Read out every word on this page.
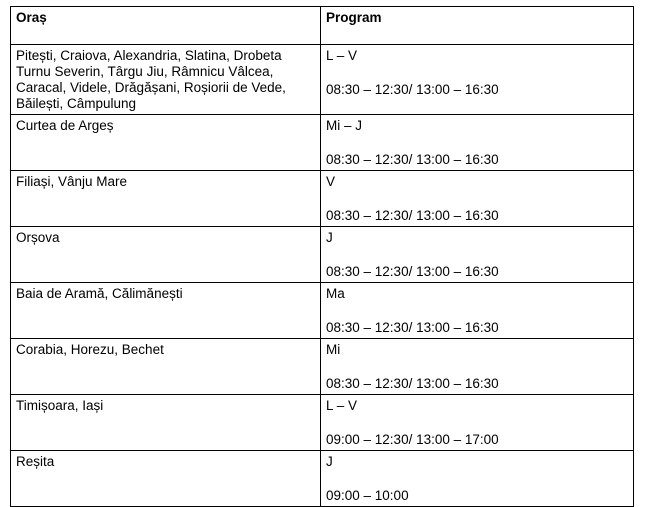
Oraș	Program

Pitești, Craiova, Alexandria, Slatina, Drobeta Turnu Severin, Târgu Jiu, Râmnicu Vâlcea, Caracal, Videle, Drăgășani, Roșiorii de Vede, Băilești, Câmpulung	L – V
08:30 – 12:30/ 13:00 – 16:30

Curtea de Argeș	Mi – J
08:30 – 12:30/ 13:00 – 16:30

Filiași, Vânju Mare	V
08:30 – 12:30/ 13:00 – 16:30

Orșova	J
08:30 – 12:30/ 13:00 – 16:30

Baia de Aramă, Călimănești	Ma
08:30 – 12:30/ 13:00 – 16:30

Corabia, Horezu, Bechet	Mi
08:30 – 12:30/ 13:00 – 16:30

Timișoara, Iași	L – V
09:00 – 12:30/ 13:00 – 17:00

Reșita	J
09:00 – 10:00
